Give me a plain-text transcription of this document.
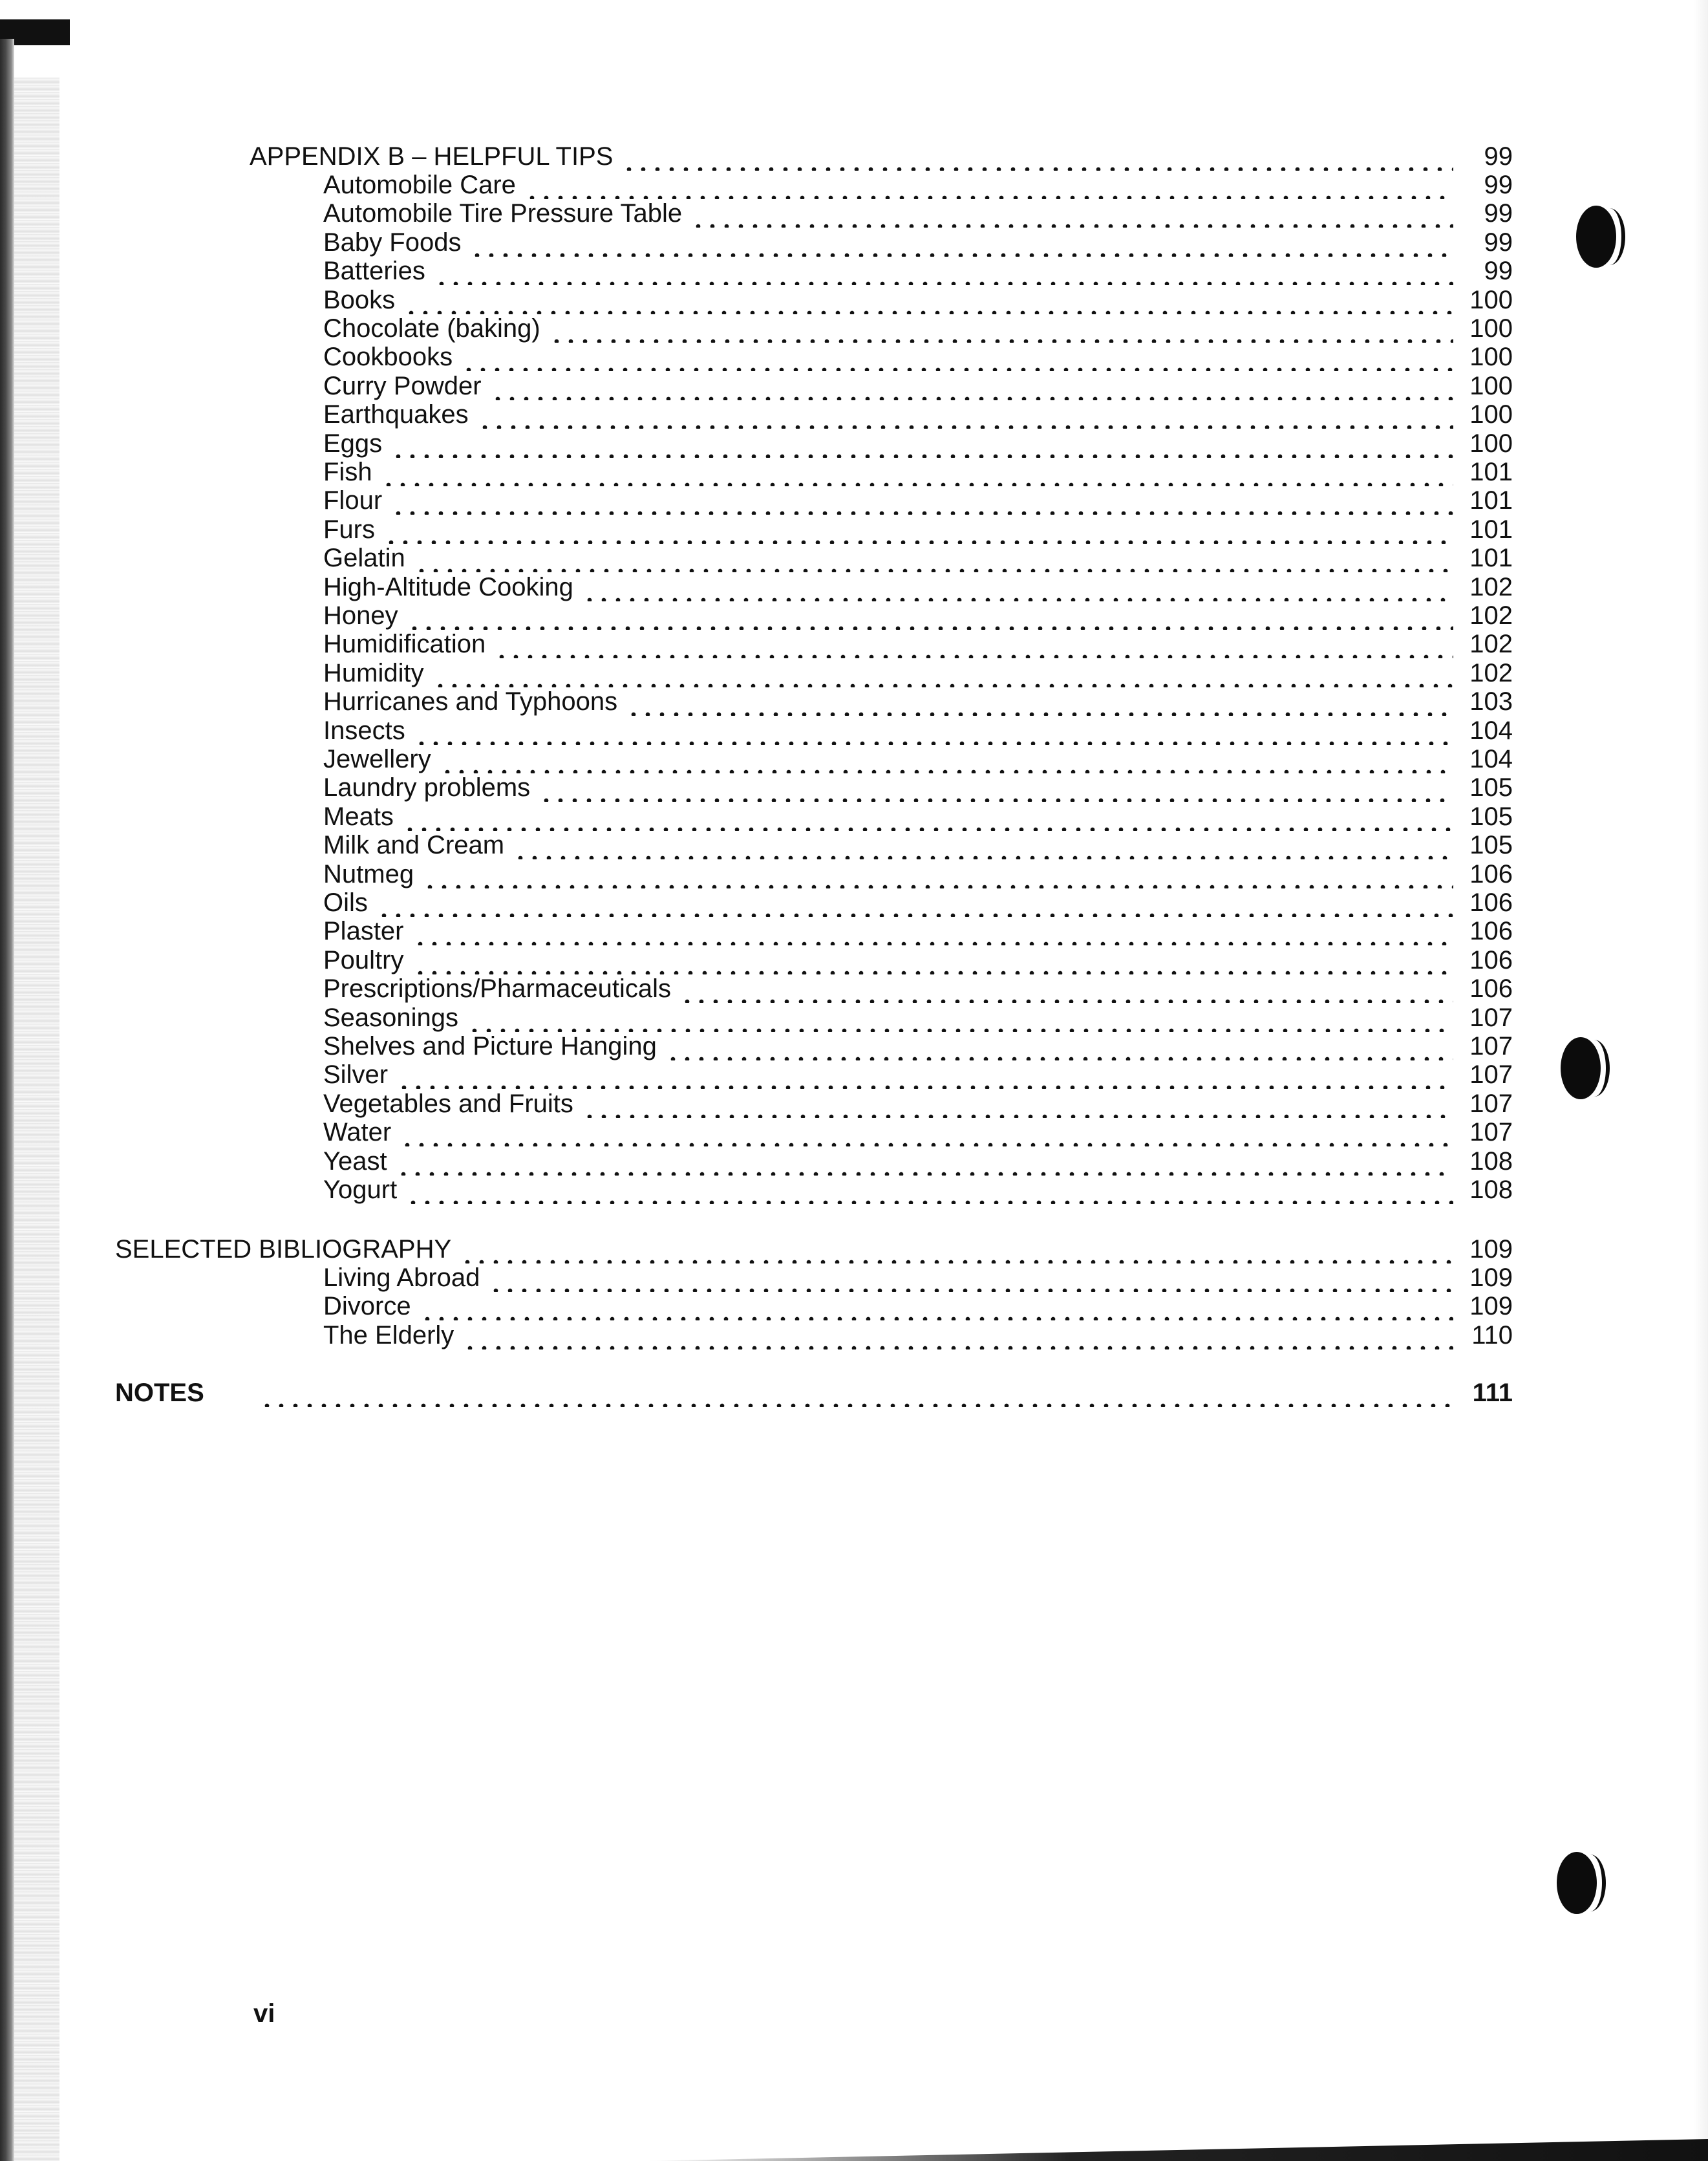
APPENDIX B – HELPFUL TIPS	99
Automobile Care	99
Automobile Tire Pressure Table	99
Baby Foods	99
Batteries	99
Books	100
Chocolate (baking)	100
Cookbooks	100
Curry Powder	100
Earthquakes	100
Eggs	100
Fish	101
Flour	101
Furs	101
Gelatin	101
High-Altitude Cooking	102
Honey	102
Humidification	102
Humidity	102
Hurricanes and Typhoons	103
Insects	104
Jewellery	104
Laundry problems	105
Meats	105
Milk and Cream	105
Nutmeg	106
Oils	106
Plaster	106
Poultry	106
Prescriptions/Pharmaceuticals	106
Seasonings	107
Shelves and Picture Hanging	107
Silver	107
Vegetables and Fruits	107
Water	107
Yeast	108
Yogurt	108
SELECTED BIBLIOGRAPHY	109
Living Abroad	109
Divorce	109
The Elderly	110
NOTES	111
vi
